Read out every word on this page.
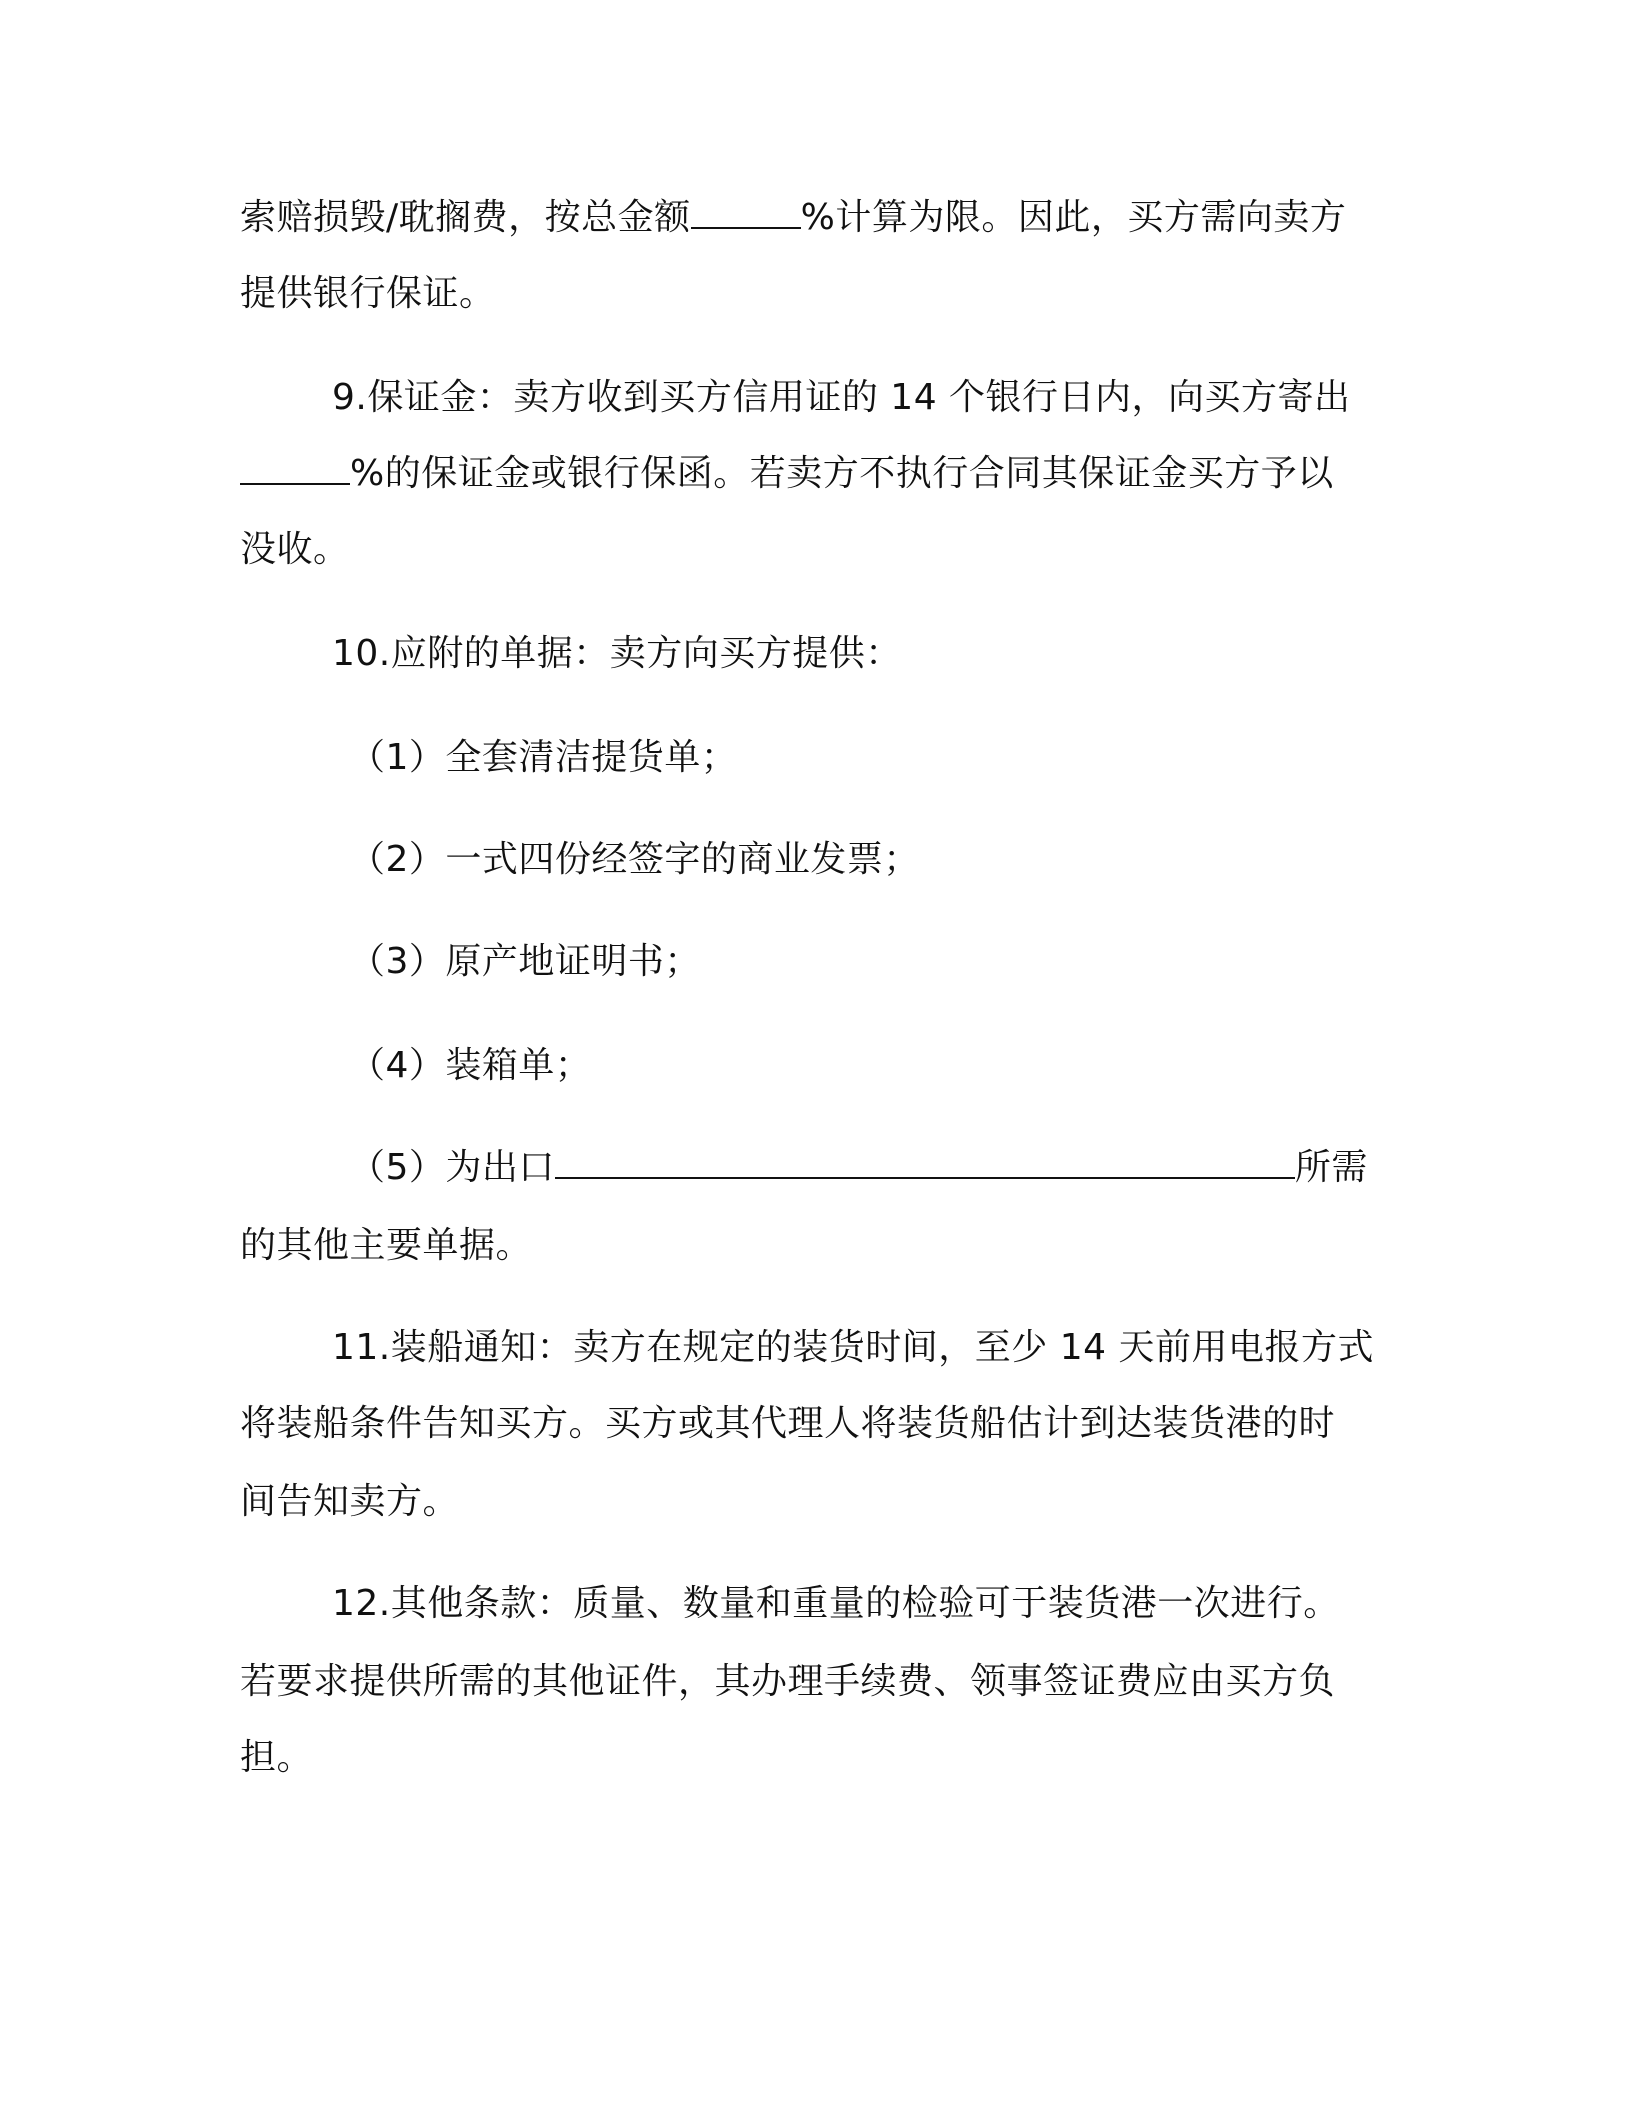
索赔损毁/耽搁费，按总金额	%计算为限。因此，买方需向卖方
提供银行保证。
9.保证金：卖方收到买方信用证的 14 个银行日内，向买方寄出
%的保证金或银行保函。若卖方不执行合同其保证金买方予以
没收。
10.应附的单据：卖方向买方提供：
（1）全套清洁提货单；
（2）一式四份经签字的商业发票；
（3）原产地证明书；
（4）装箱单；
（5）为出口	所需
的其他主要单据。
11.装船通知：卖方在规定的装货时间，至少 14 天前用电报方式
将装船条件告知买方。买方或其代理人将装货船估计到达装货港的时
间告知卖方。
12.其他条款：质量、数量和重量的检验可于装货港一次进行。
若要求提供所需的其他证件，其办理手续费、领事签证费应由买方负
担。
